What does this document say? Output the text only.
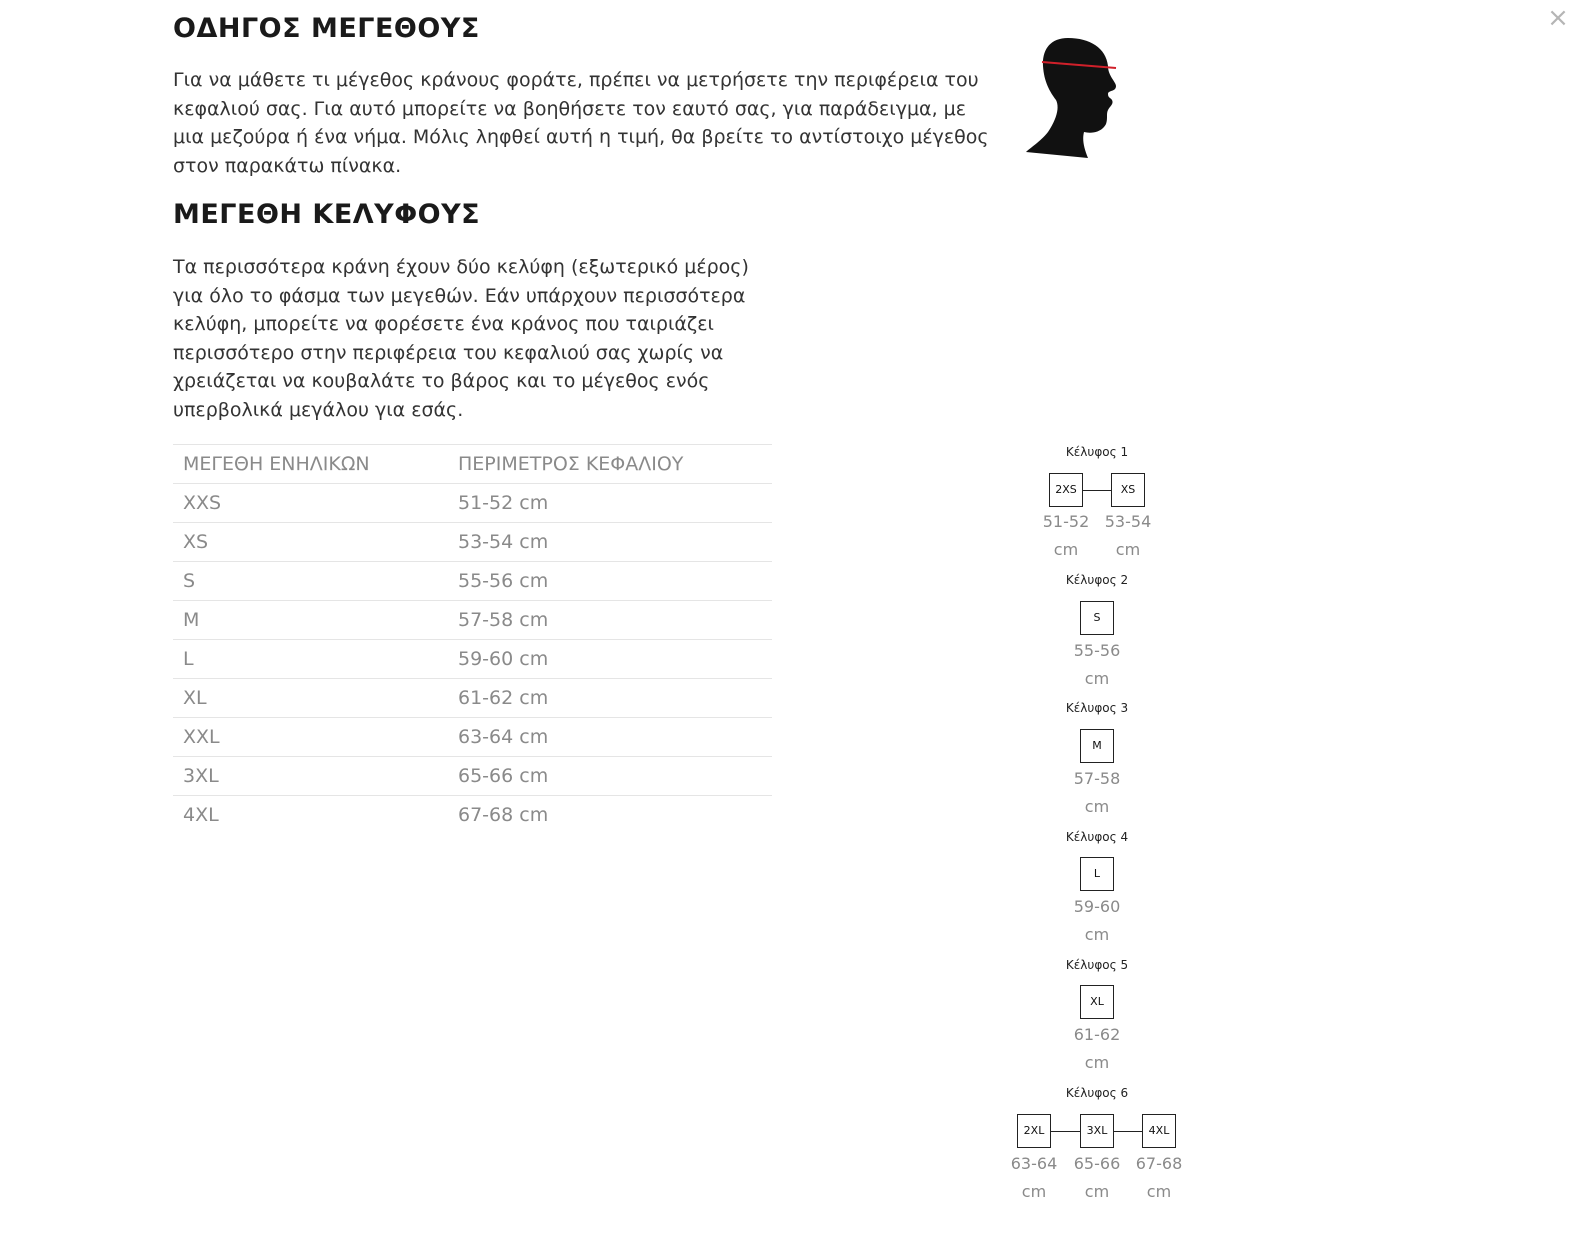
×
ΟΔΗΓΟΣ ΜΕΓΕΘΟΥΣ

Για να μάθετε τι μέγεθος κράνους φοράτε, πρέπει να μετρήσετε την περιφέρεια του κεφαλιού σας. Για αυτό μπορείτε να βοηθήσετε τον εαυτό σας, για παράδειγμα, με μια μεζούρα ή ένα νήμα. Μόλις ληφθεί αυτή η τιμή, θα βρείτε το αντίστοιχο μέγεθος στον παρακάτω πίνακα.

ΜΕΓΕΘΗ ΚΕΛΥΦΟΥΣ

Τα περισσότερα κράνη έχουν δύο κελύφη (εξωτερικό μέρος) για όλο το φάσμα των μεγεθών. Εάν υπάρχουν περισσότερα κελύφη, μπορείτε να φορέσετε ένα κράνος που ταιριάζει περισσότερο στην περιφέρεια του κεφαλιού σας χωρίς να χρειάζεται να κουβαλάτε το βάρος και το μέγεθος ενός υπερβολικά μεγάλου για εσάς.

ΜΕΓΕΘΗ ΕΝΗΛΙΚΩΝ	ΠΕΡΙΜΕΤΡΟΣ ΚΕΦΑΛΙΟΥ
XXS	51-52 cm
XS	53-54 cm
S	55-56 cm
M	57-58 cm
L	59-60 cm
XL	61-62 cm
XXL	63-64 cm
3XL	65-66 cm
4XL	67-68 cm
Κέλυφος 1
2XS	XS
51-52
cm
53-54
cm
Κέλυφος 2
S
55-56
cm
Κέλυφος 3
M
57-58
cm
Κέλυφος 4
L
59-60
cm
Κέλυφος 5
XL
61-62
cm
Κέλυφος 6
2XL	3XL	4XL
63-64
cm
65-66
cm
67-68
cm
